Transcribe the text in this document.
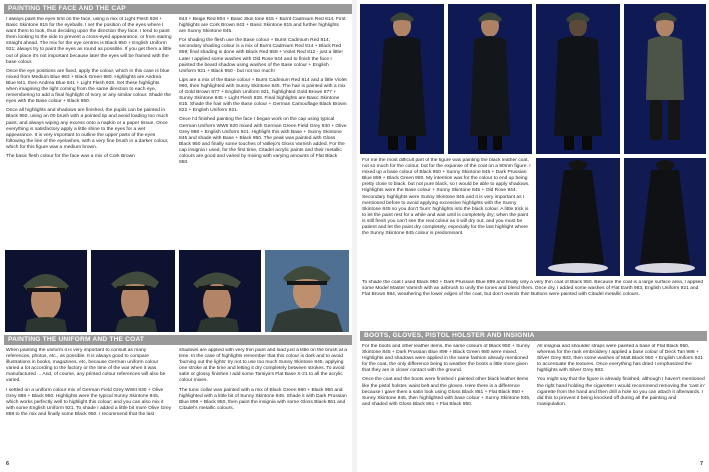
PAINTING THE FACE AND THE CAP

I always paint the eyes first on the face, using a mix of Light Flesh 928 + Basic Skintone 815 for the eyeballs. I set the position of the eyes where I want them to look, thus deciding upon the direction they face. I tend to paint them looking to the side to prevent a cross-eyed appearance, or from staring straight ahead. The mix for the eye centres is Black 950 + English Uniform 921; always try to paint the eyes as round as possible. If you get them a little out of place it's not important because later the eyes will be framed with the base colour.

Once the eye positions are fixed, apply the colour, which in this case is blue mixed from Medium Blue 963 + Black Green 980. Highlights are Andrea Blue 841, then Andrea Blue 841 + Light Flesh 928. Set these highlights when imagining the light coming from the same direction to each eye, remembering to add a final highlight of Ivory or any similar colour. Shade the eyes with the Base colour + Black 950.

Once all highlights and shadows are finished, the pupils can be painted in Black 950, using an 00 brush with a pointed tip and avoid loading too much paint, and always wiping any excess onto a napkin or a paper tissue. Once everything is satisfactory apply a little shine to the eyes for a wet appearance. It is very important to outline the upper parts of the eyes following the line of the eyelashes, with a very fine brush in a darker colour, which for this figure was a medium brown.

The basic flesh colour for the face was a mix of Cork Brown

843 + Beige Red 804 + Basic Skin tone 815 + Burnt Cadmium Red 814. First highlights are Cork Brown 843 + Basic Skintone 815 and further highlights are Sunny Skintone 845.

For shading the flesh use the Base colour + Burnt Cadmium Red 814; secondary shading colour is a mix of Burnt Cadmium Red 814 + Black Red 859; final shading is done with Black Red 859 + Violet Red 812 - just a little! Later I applied some washes with Old Rose 944 and to finish the face I painted the beard shadow using washes of the Base colour + English Uniform 921 + Black 950 - but not too much!

Lips are a mix of the Base colour + Burnt Cadmium Red 814 and a little Violet 960, then highlighted with Sunny Skintone 845. The hair is painted with a mix of Gold Brown 877 + English Uniform 921, highlighted Gold Brown 877 + Sunny Skintone 845 + Light Flesh 928. Final highlights are Basic Skintone 815. Shade the hair with the Base colour + German Camouflage Black Brown 822 + English Uniform 921.

Once I'd finished painting the face I began work on the cap using typical German Uniform WWII 920 mixed with German Green Field Grey 830 + Olive Grey 888 + English Uniform 921. Highlight this with Base + Sunny Skintone 845 and shade with Base + Black 950. The peak was painted with Gloss Black 950 and finally some touches of Vallejo's Gloss Varnish added. For the cap insignia I used, for the first time, Citadel acrylic paints and their metallic colours are good and varied by mixing with varying amounts of Flat Black 950.

PAINTING THE UNIFORM AND THE COAT

When painting the uniform it is very important to consult as many references, photos, etc., as possible. It is always good to compare illustrations in books, magazines, etc, because German uniform colour varied a lot according to the factory or the time of the war when it was manufactured ... And, of course, any printed colour references will also be varied.

I settled on a uniform colour mix of German Field Grey WWII 830 + Olive Grey 888 + Black 950. Highlights were the typical Sunny Skintone 845, which works perfectly well to highlight this colour; and you can also mix it with some English Uniform 921. To shade I added a little bit more Olive Grey 888 to the mix and finally some Black 950. I recommend that the last

shadows are applied with very thin paint and load just a little on the brush at a time. In the case of highlights remember that this colour is dark and to avoid 'burning out the lights' try not to use too much Sunny Skintone 845, applying one stroke at the time and letting it dry completely between strokes. To avoid satin or glossy finishes I add some Tamiya's Flat Base X-21 to all the acrylic colour mixes.

The tunic collar was painted with a mix of Black Green 980 + Black 950 and highlighted with a little bit of Sunny Skintone 845. Shade it with Dark Prussian Blue 899 + Black 950, then paint the insignia with some Gloss Black 861 and Citadel's metallic colours.

6

For me the most difficult part of the figure was painting the black leather coat, not so much for the colour, but for the expanse of the coat on a 90mm figure. I mixed up a base colour of Black 950 + Sunny Skintone 845 + Dark Prussian Blue 899 + Black Green 980. My intention was for the colour to end up being pretty close to black, but not pure black, so I would be able to apply shadows. Highlights were the Base colour + Sunny Skintone 845 + Old Rose 944. Secondary highlights were Sunny Skintone 845 and it is very important as I mentioned before to avoid applying excessive highlights with the Sunny Skintone 845 so you don't 'burn' highlights into the black colour. A little trick is to let the paint rest for a while and wait until is completely dry; when the paint is still fresh you can't see the real colour as it will dry out, and you must be patient and let the paint dry completely, especially for the last highlight where the Sunny Skintone 845 colour is predominant.

To shade the coat I used Black 950 + Dark Prussian Blue 899 and finally only a very thin coat of Black 950. Because the coat is a large surface area, I applied some Model Master Varnish with an airbrush to unify the tones and blend them. Once dry, I added some washes of Flat Earth 983, English Uniform 921 and Flat Brown 984, weathering the lower edges of the coat, but don't overdo this! Buttons were painted with Citadel metallic colours.

BOOTS, GLOVES, PISTOL HOLSTER AND INSIGNIA

For the boots and other leather items, the same colours of Black 950 + Sunny Skintone 845 + Dark Prussian Blue 899 + Black Green 980 were mixed. Highlights and shadows were applied in the same fashion already mentioned for the coat, the only difference being to weather the boots a little more given that they are in closer contact with the ground.

Once the coat and the boots were finished I painted other black leather items like the pistol holster, waist belt and the gloves. Here there is a difference because I gave them a satin look using Gloss Black 861 + Flat Black 950 + Sunny Skintone 845, then highlighted with base colour + Sunny Skintone 845, and shaded with Gloss Black 861 + Flat Black 950.

All insignia and shoulder straps were painted a base of Flat Black 950, whereas for the rank embroidery I applied a base colour of Deck Tan 986 + Silver Grey 883, then some washes of Matt Black 950 + English Uniform 921 to accentuate the textures. Once everything has dried I emphasized the highlights with Silver Grey 883.

You might say that the figure is already finished, although I haven't mentioned the right hand holding the cigarette! I would recommend removing the 'cast in' cigarette from the hand and then drill a hole so you can attach it afterwards. I did this to prevent it being knocked off during all the painting and manipulation.

7
